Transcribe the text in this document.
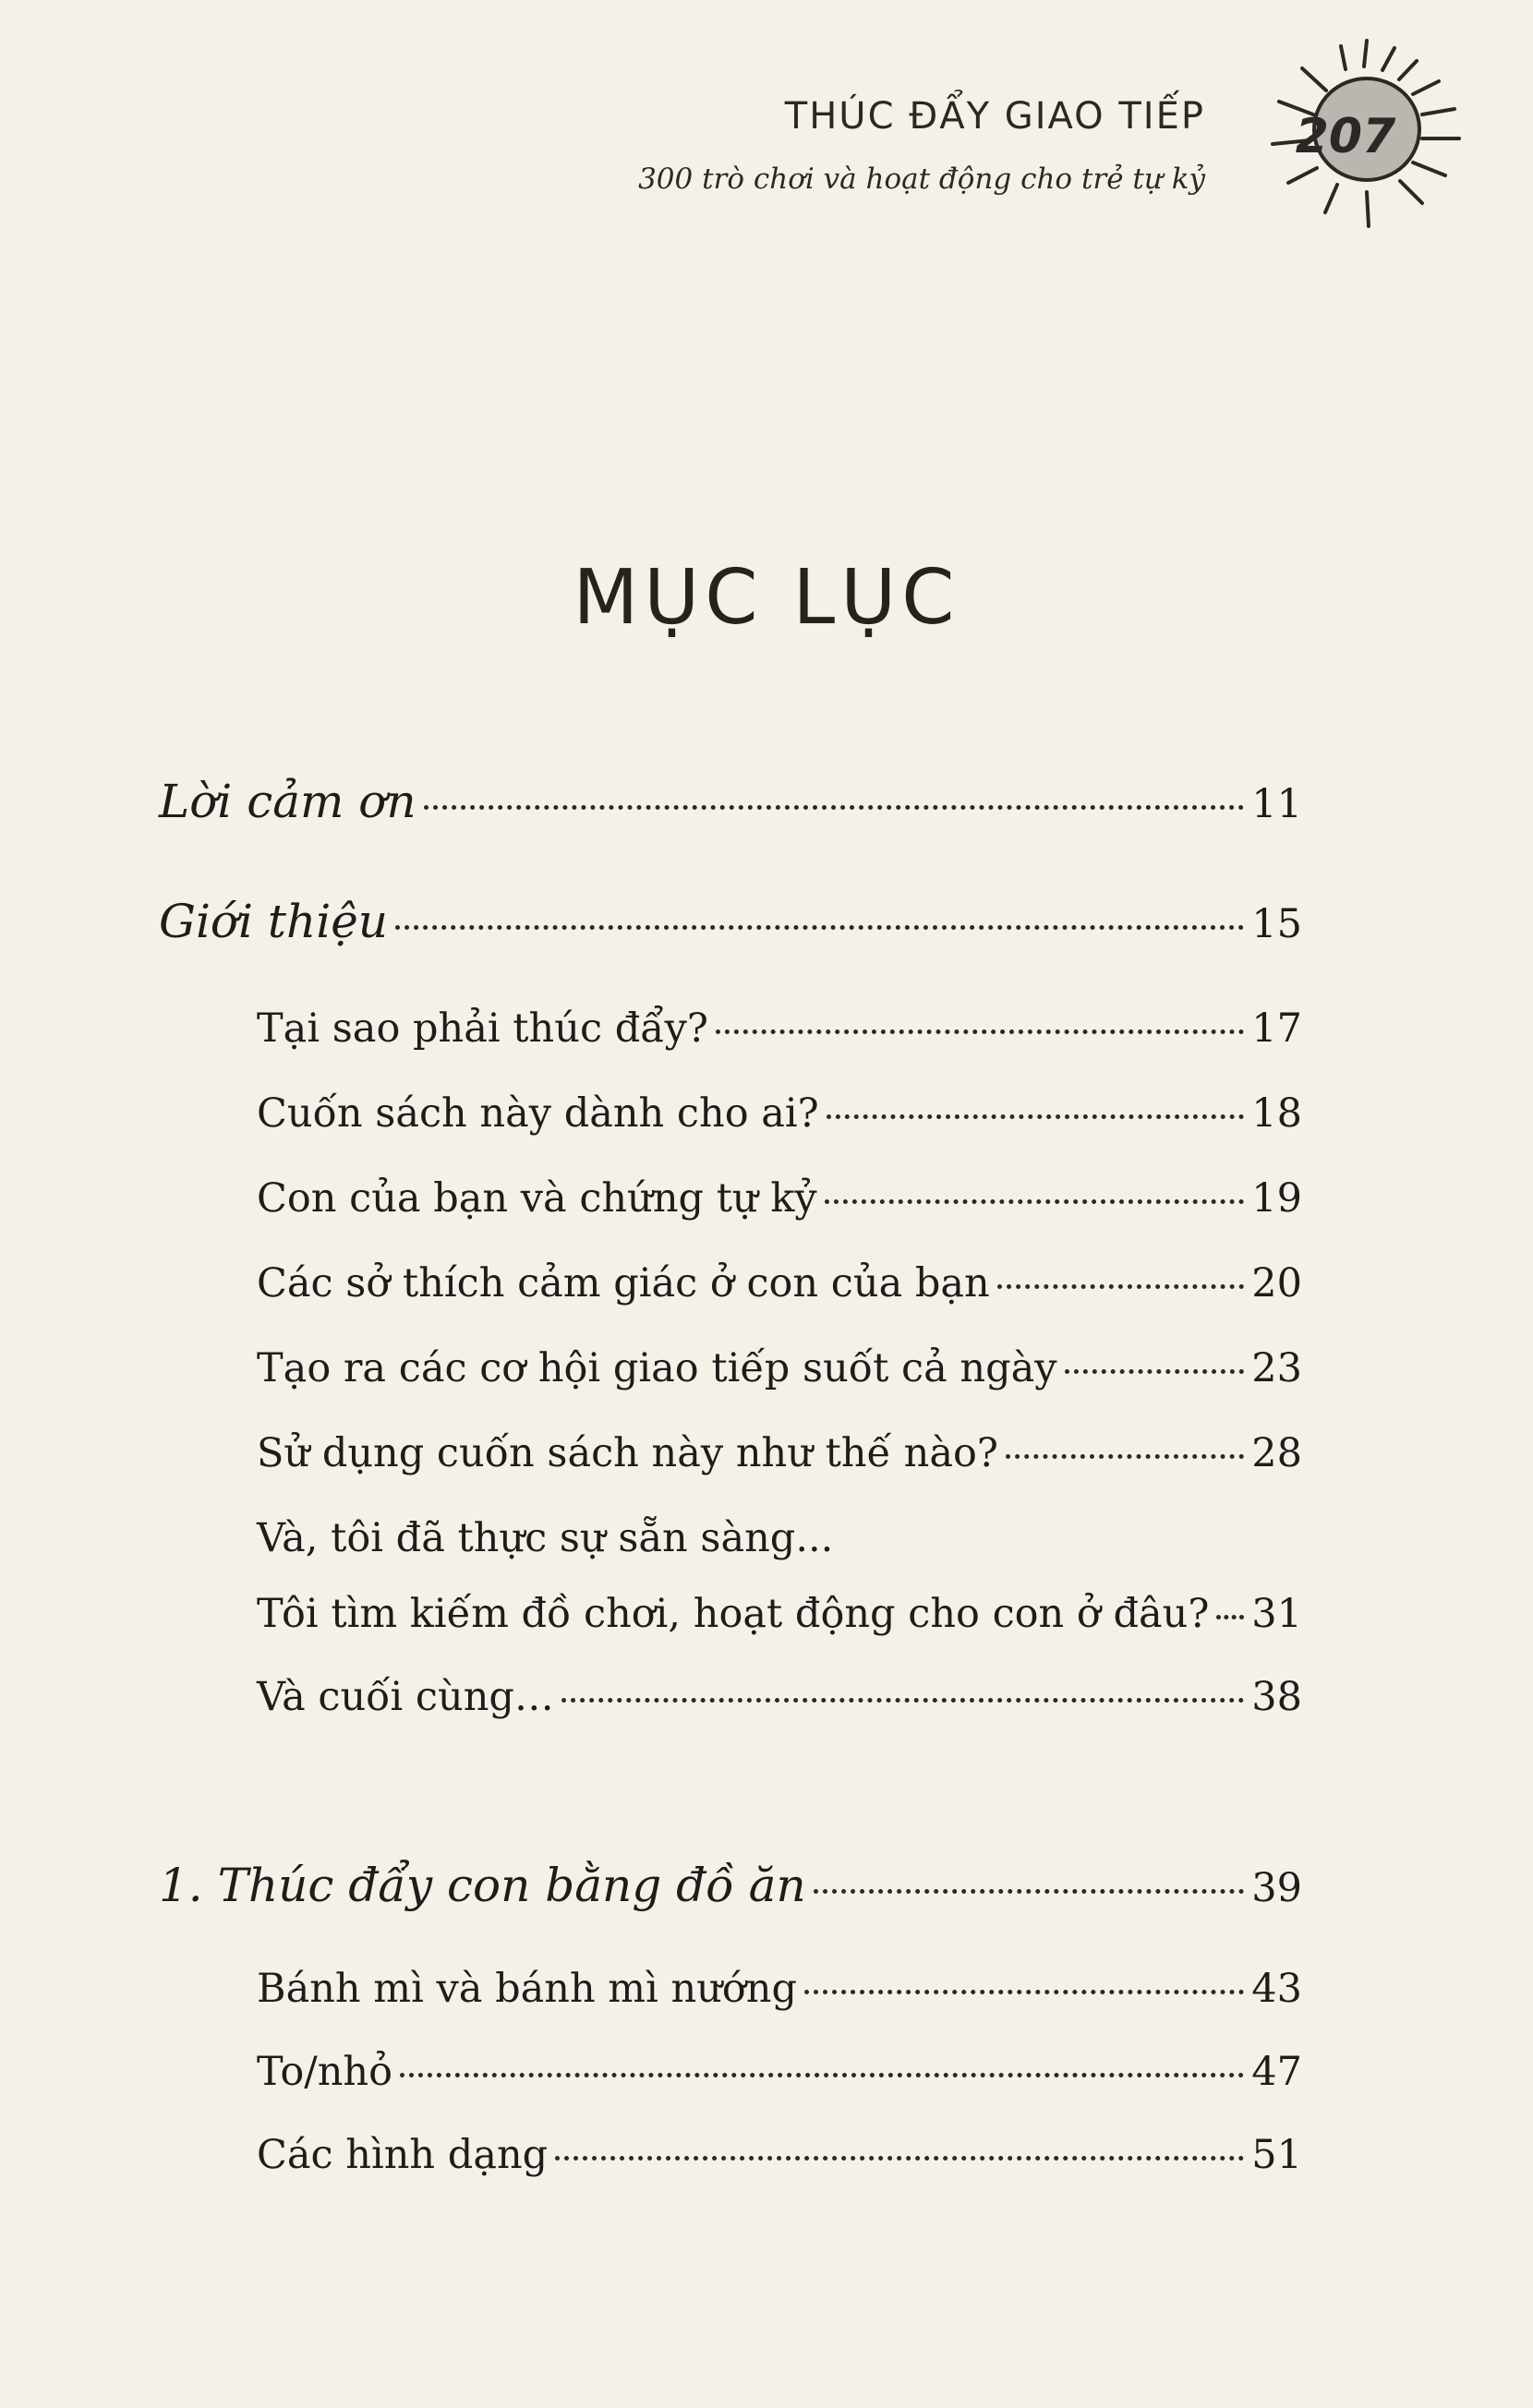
THÚC ĐẨY GIAO TIẾP
300 trò chơi và hoạt động cho trẻ tự kỷ
207
MỤC LỤC
Lời cảm ơn	11
Giới thiệu	15
Tại sao phải thúc đẩy?	17
Cuốn sách này dành cho ai?	18
Con của bạn và chứng tự kỷ	19
Các sở thích cảm giác ở con của bạn	20
Tạo ra các cơ hội giao tiếp suốt cả ngày	23
Sử dụng cuốn sách này như thế nào?	28
Và, tôi đã thực sự sẵn sàng...
Tôi tìm kiếm đồ chơi, hoạt động cho con ở đâu? 31
Và cuối cùng…	38
1. Thúc đẩy con bằng đồ ăn	39
Bánh mì và bánh mì nướng	43
To/nhỏ	47
Các hình dạng	51
